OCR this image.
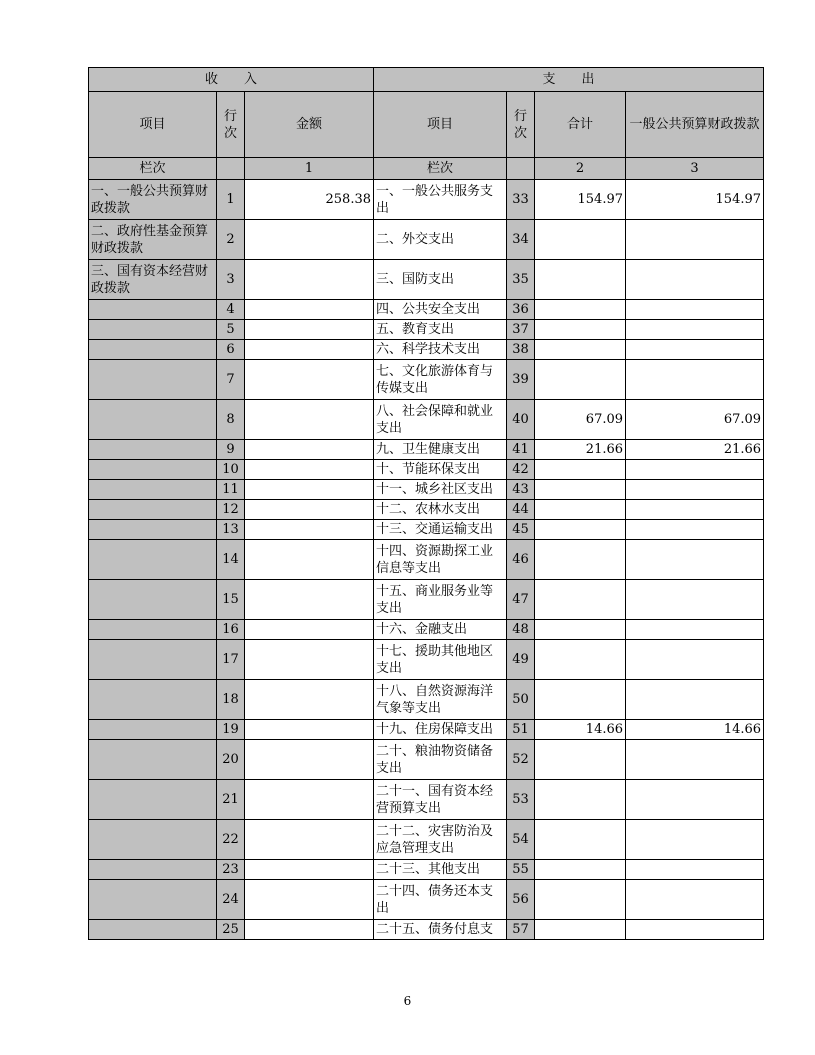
收　　入			支　　出			
项目	行次	金额	项目	行次	合计	一般公共预算财政拨款
栏次		1	栏次		2	3
一、一般公共预算财政拨款	1	258.38	一、一般公共服务支出	33	154.97	154.97
二、政府性基金预算财政拨款	2		二、外交支出	34		
三、国有资本经营财政拨款	3		三、国防支出	35		
	4		四、公共安全支出	36		
	5		五、教育支出	37		
	6		六、科学技术支出	38		
	7		七、文化旅游体育与传媒支出	39		
	8		八、社会保障和就业支出	40	67.09	67.09
	9		九、卫生健康支出	41	21.66	21.66
	10		十、节能环保支出	42		
	11		十一、城乡社区支出	43		
	12		十二、农林水支出	44		
	13		十三、交通运输支出	45		
	14		十四、资源勘探工业信息等支出	46		
	15		十五、商业服务业等支出	47		
	16		十六、金融支出	48		
	17		十七、援助其他地区支出	49		
	18		十八、自然资源海洋气象等支出	50		
	19		十九、住房保障支出	51	14.66	14.66
	20		二十、粮油物资储备支出	52		
	21		二十一、国有资本经营预算支出	53		
	22		二十二、灾害防治及应急管理支出	54		
	23		二十三、其他支出	55		
	24		二十四、债务还本支出	56		
	25		二十五、债务付息支	57		
6
